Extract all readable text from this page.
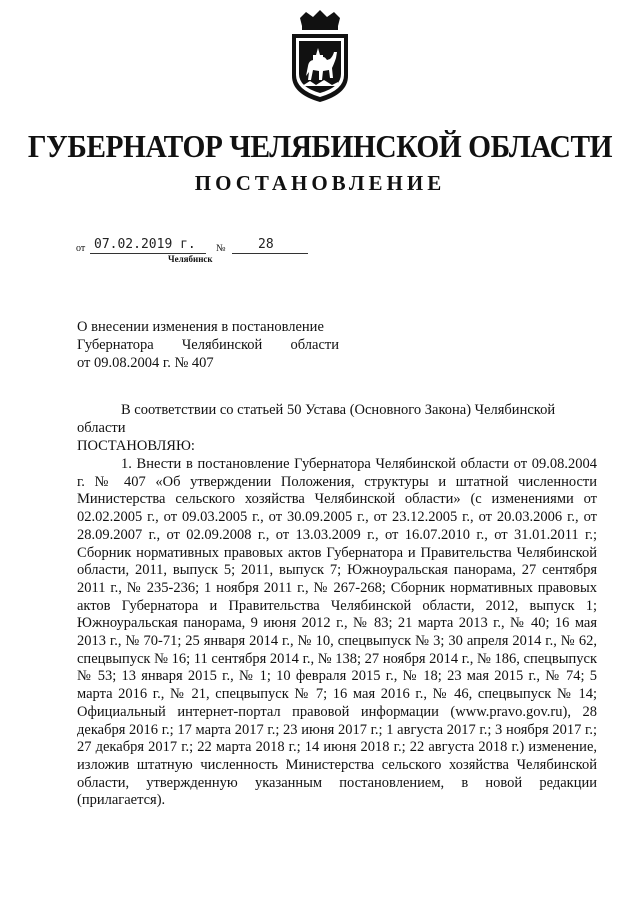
ГУБЕРНАТОР ЧЕЛЯБИНСКОЙ ОБЛАСТИ
ПОСТАНОВЛЕНИЕ
от 07.02.2019 г. № 28
Челябинск
О внесении изменения в постановление
Губернатора Челябинской области
от 09.08.2004 г. № 407
В соответствии со статьей 50 Устава (Основного Закона) Челябинской области
ПОСТАНОВЛЯЮ:
1. Внести в постановление Губернатора Челябинской области от 09.08.2004 г. № 407 «Об утверждении Положения, структуры и штатной численности Министерства сельского хозяйства Челябинской области» (с изменениями от 02.02.2005 г., от 09.03.2005 г., от 30.09.2005 г., от 23.12.2005 г., от 20.03.2006 г., от 28.09.2007 г., от 02.09.2008 г., от 13.03.2009 г., от 16.07.2010 г., от 31.01.2011 г.; Сборник нормативных правовых актов Губернатора и Правительства Челябинской области, 2011, выпуск 5; 2011, выпуск 7; Южноуральская панорама, 27 сентября 2011 г., № 235-236; 1 ноября 2011 г., № 267-268; Сборник нормативных правовых актов Губернатора и Правительства Челябинской области, 2012, выпуск 1; Южноуральская панорама, 9 июня 2012 г., № 83; 21 марта 2013 г., № 40; 16 мая 2013 г., № 70-71; 25 января 2014 г., № 10, спецвыпуск № 3; 30 апреля 2014 г., № 62, спецвыпуск № 16; 11 сентября 2014 г., № 138; 27 ноября 2014 г., № 186, спецвыпуск № 53; 13 января 2015 г., № 1; 10 февраля 2015 г., № 18; 23 мая 2015 г., № 74; 5 марта 2016 г., № 21, спецвыпуск № 7; 16 мая 2016 г., № 46, спецвыпуск № 14; Официальный интернет-портал правовой информации (www.pravo.gov.ru), 28 декабря 2016 г.; 17 марта 2017 г.; 23 июня 2017 г.; 1 августа 2017 г.; 3 ноября 2017 г.; 27 декабря 2017 г.; 22 марта 2018 г.; 14 июня 2018 г.; 22 августа 2018 г.) изменение, изложив штатную численность Министерства сельского хозяйства Челябинской области, утвержденную указанным постановлением, в новой редакции (прилагается).
